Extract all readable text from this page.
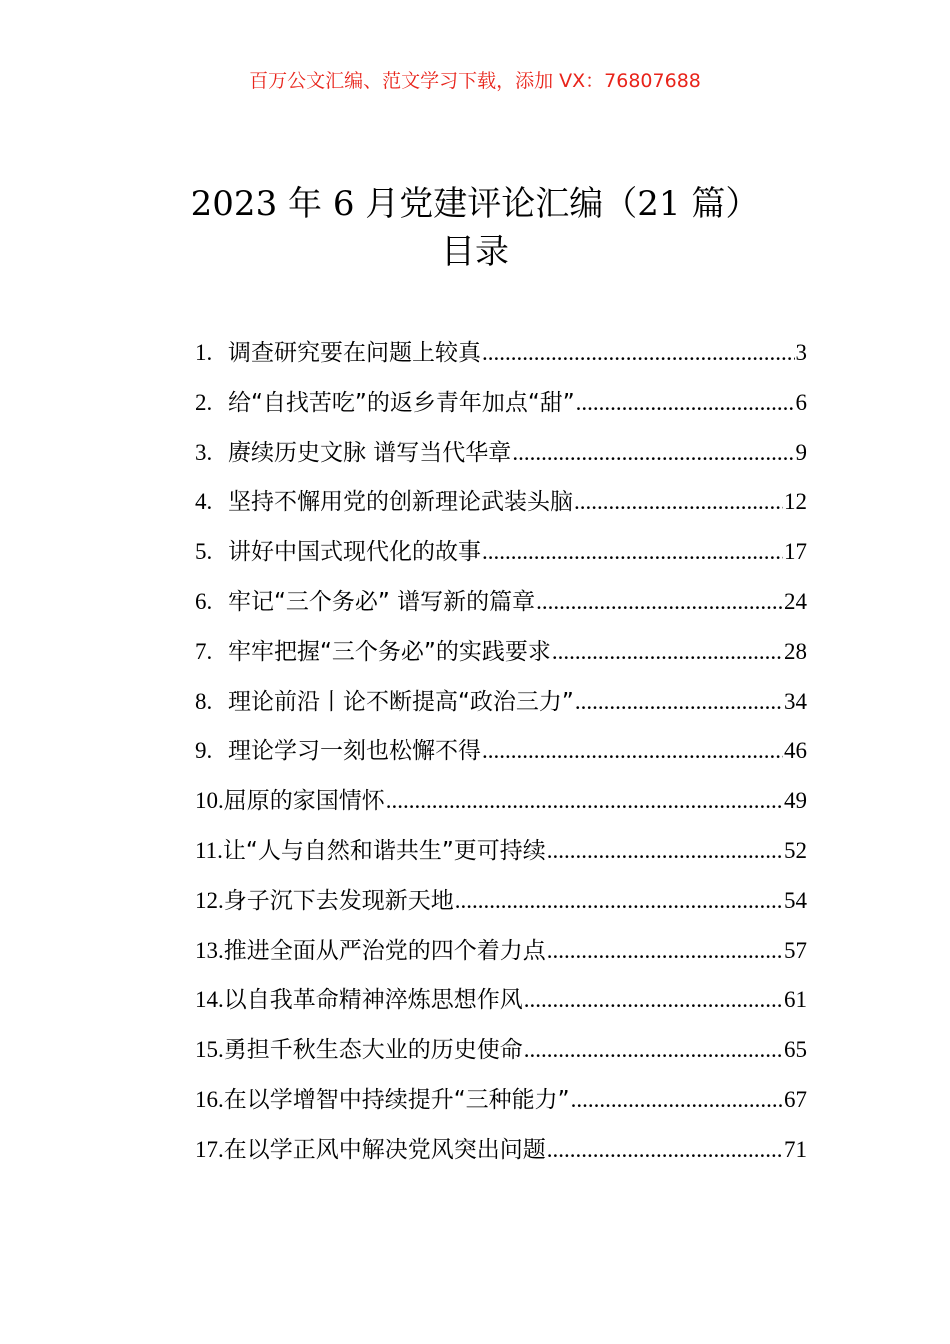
百万公文汇编、范文学习下载，添加 VX：76807688
2023 年 6 月党建评论汇编（21 篇）
目录
1. 调查研究要在问题上较真 .....	3
2. 给“自找苦吃”的返乡青年加点“甜” .....	6
3. 赓续历史文脉 谱写当代华章 .....	9
4. 坚持不懈用党的创新理论武装头脑 .....	12
5. 讲好中国式现代化的故事 .....	17
6. 牢记“三个务必” 谱写新的篇章 .....	24
7. 牢牢把握“三个务必”的实践要求 .....	28
8. 理论前沿丨论不断提高“政治三力” .....	34
9. 理论学习一刻也松懈不得 .....	46
10. 屈原的家国情怀 .....	49
11. 让“人与自然和谐共生”更可持续 .....	52
12. 身子沉下去发现新天地 .....	54
13. 推进全面从严治党的四个着力点 .....	57
14. 以自我革命精神淬炼思想作风 .....	61
15. 勇担千秋生态大业的历史使命 .....	65
16. 在以学增智中持续提升“三种能力” .....	67
17. 在以学正风中解决党风突出问题 .....	71
